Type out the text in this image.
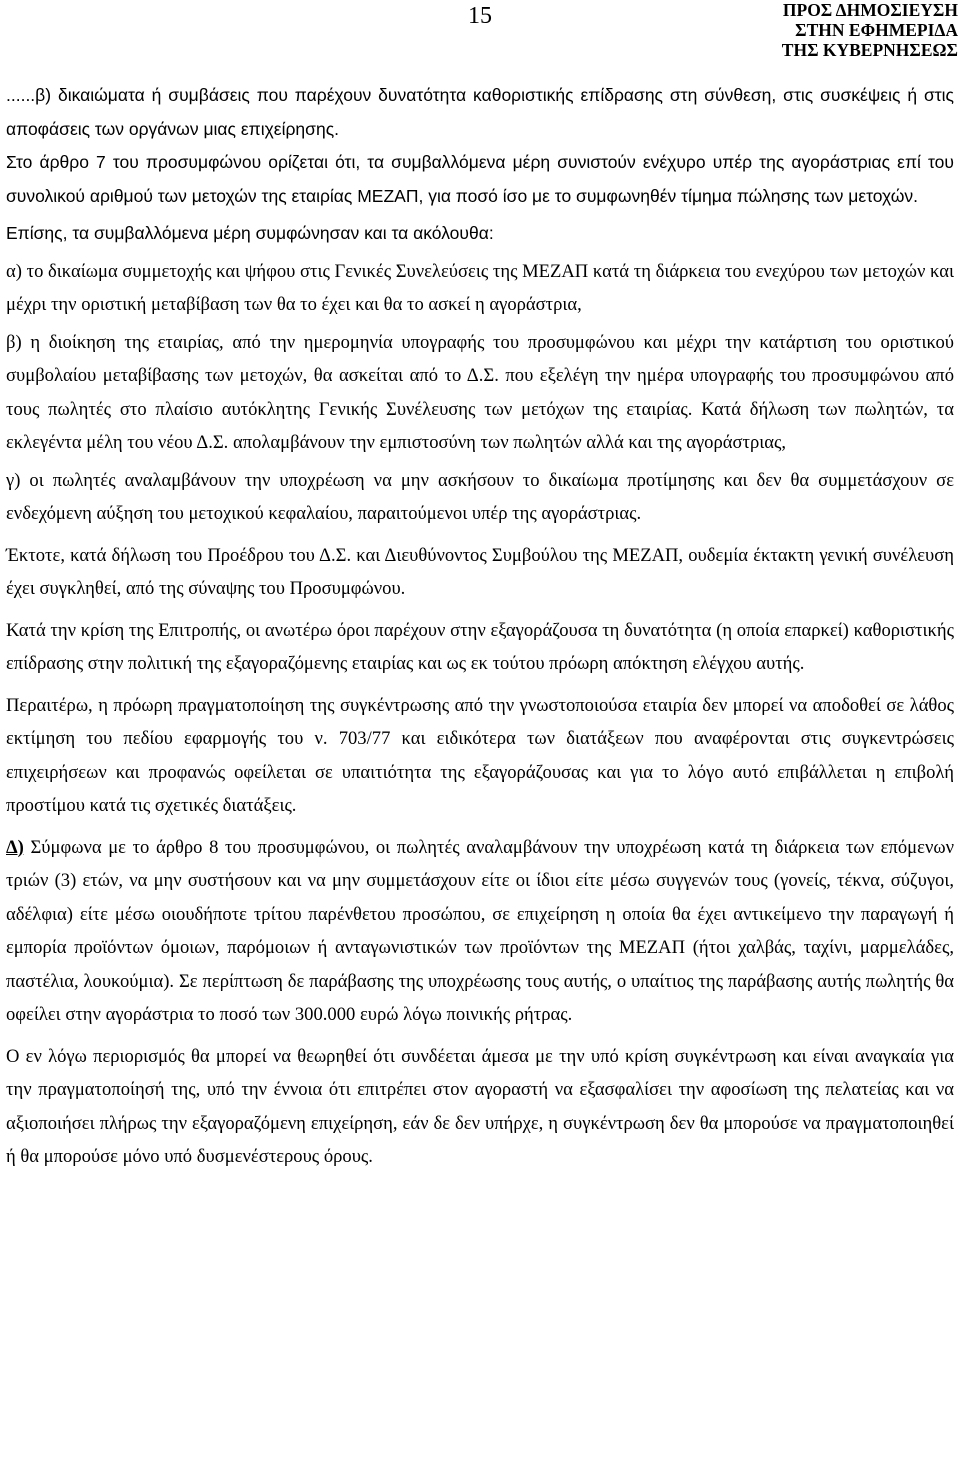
15	ΠΡΟΣ ΔΗΜΟΣΙΕΥΣΗ
ΣΤΗΝ ΕΦΗΜΕΡΙΔΑ
ΤΗΣ ΚΥΒΕΡΝΗΣΕΩΣ

......β) δικαιώματα ή συμβάσεις που παρέχουν δυνατότητα καθοριστικής επίδρασης στη σύνθεση, στις συσκέψεις ή στις αποφάσεις των οργάνων μιας επιχείρησης.

Στο άρθρο 7 του προσυμφώνου ορίζεται ότι, τα συμβαλλόμενα μέρη συνιστούν ενέχυρο υπέρ της αγοράστριας επί του συνολικού αριθμού των μετοχών της εταιρίας ΜΕΖΑΠ, για ποσό ίσο με το συμφωνηθέν τίμημα πώλησης των μετοχών.

Επίσης, τα συμβαλλόμενα μέρη συμφώνησαν και τα ακόλουθα:

α) το δικαίωμα συμμετοχής και ψήφου στις Γενικές Συνελεύσεις της ΜΕΖΑΠ κατά τη διάρκεια του ενεχύρου των μετοχών και μέχρι την οριστική μεταβίβαση των θα το έχει και θα το ασκεί η αγοράστρια,

β) η διοίκηση της εταιρίας, από την ημερομηνία υπογραφής του προσυμφώνου και μέχρι την κατάρτιση του οριστικού συμβολαίου μεταβίβασης των μετοχών, θα ασκείται από το Δ.Σ. που εξελέγη την ημέρα υπογραφής του προσυμφώνου από τους πωλητές στο πλαίσιο αυτόκλητης Γενικής Συνέλευσης των μετόχων της εταιρίας. Κατά δήλωση των πωλητών, τα εκλεγέντα μέλη του νέου Δ.Σ. απολαμβάνουν την εμπιστοσύνη των πωλητών αλλά και της αγοράστριας,

γ) οι πωλητές αναλαμβάνουν την υποχρέωση να μην ασκήσουν το δικαίωμα προτίμησης και δεν θα συμμετάσχουν σε ενδεχόμενη αύξηση του μετοχικού κεφαλαίου, παραιτούμενοι υπέρ της αγοράστριας.

Έκτοτε, κατά δήλωση του Προέδρου του Δ.Σ. και Διευθύνοντος Συμβούλου της ΜΕΖΑΠ, ουδεμία έκτακτη γενική συνέλευση έχει συγκληθεί, από της σύναψης του Προσυμφώνου.

Κατά την κρίση της Επιτροπής, οι ανωτέρω όροι παρέχουν στην εξαγοράζουσα τη δυνατότητα (η οποία επαρκεί) καθοριστικής επίδρασης στην πολιτική της εξαγοραζόμενης εταιρίας και ως εκ τούτου πρόωρη απόκτηση ελέγχου αυτής.

Περαιτέρω, η πρόωρη πραγματοποίηση της συγκέντρωσης από την γνωστοποιούσα εταιρία δεν μπορεί να αποδοθεί σε λάθος εκτίμηση του πεδίου εφαρμογής του ν. 703/77 και ειδικότερα των διατάξεων που αναφέρονται στις συγκεντρώσεις επιχειρήσεων και προφανώς οφείλεται σε υπαιτιότητα της εξαγοράζουσας και για το λόγο αυτό επιβάλλεται η επιβολή προστίμου κατά τις σχετικές διατάξεις.

Δ) Σύμφωνα με το άρθρο 8 του προσυμφώνου, οι πωλητές αναλαμβάνουν την υποχρέωση κατά τη διάρκεια των επόμενων τριών (3) ετών, να μην συστήσουν και να μην συμμετάσχουν είτε οι ίδιοι είτε μέσω συγγενών τους (γονείς, τέκνα, σύζυγοι, αδέλφια) είτε μέσω οιουδήποτε τρίτου παρένθετου προσώπου, σε επιχείρηση η οποία θα έχει αντικείμενο την παραγωγή ή εμπορία προϊόντων όμοιων, παρόμοιων ή ανταγωνιστικών των προϊόντων της ΜΕΖΑΠ (ήτοι χαλβάς, ταχίνι, μαρμελάδες, παστέλια, λουκούμια). Σε περίπτωση δε παράβασης της υποχρέωσης τους αυτής, ο υπαίτιος της παράβασης αυτής πωλητής θα οφείλει στην αγοράστρια το ποσό των 300.000 ευρώ λόγω ποινικής ρήτρας.

Ο εν λόγω περιορισμός θα μπορεί να θεωρηθεί ότι συνδέεται άμεσα με την υπό κρίση συγκέντρωση και είναι αναγκαία για την πραγματοποίησή της, υπό την έννοια ότι επιτρέπει στον αγοραστή να εξασφαλίσει την αφοσίωση της πελατείας και να αξιοποιήσει πλήρως την εξαγοραζόμενη επιχείρηση, εάν δε δεν υπήρχε, η συγκέντρωση δεν θα μπορούσε να πραγματοποιηθεί ή θα μπορούσε μόνο υπό δυσμενέστερους όρους.
